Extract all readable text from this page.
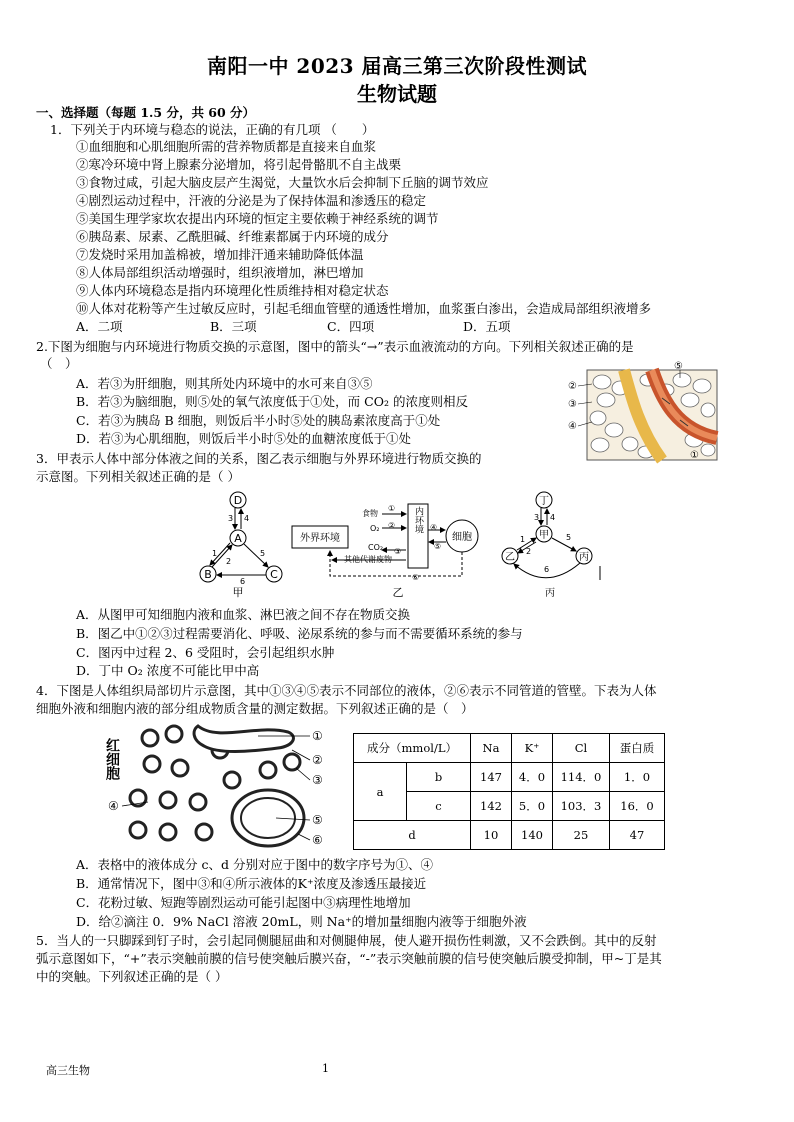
南阳一中 2023 届高三第三次阶段性测试
生物试题
一、选择题（每题 1.5 分，共 60 分）
1．下列关于内环境与稳态的说法，正确的有几项 （　　）
①血细胞和心肌细胞所需的营养物质都是直接来自血浆
②寒冷环境中肾上腺素分泌增加，将引起骨骼肌不自主战栗
③食物过咸，引起大脑皮层产生渴觉，大量饮水后会抑制下丘脑的调节效应
④剧烈运动过程中，汗液的分泌是为了保持体温和渗透压的稳定
⑤美国生理学家坎农提出内环境的恒定主要依赖于神经系统的调节
⑥胰岛素、尿素、乙酰胆碱、纤维素都属于内环境的成分
⑦发烧时采用加盖棉被，增加排汗通来辅助降低体温
⑧人体局部组织活动增强时，组织液增加，淋巴增加
⑨人体内环境稳态是指内环境理化性质维持相对稳定状态
⑩人体对花粉等产生过敏反应时，引起毛细血管壁的通透性增加，血浆蛋白渗出，会造成局部组织液增多
A．二项	B．三项	C．四项	D．五项
2.下图为细胞与内环境进行物质交换的示意图，图中的箭头“→”表示血液流动的方向。下列相关叙述正确的是
（　）
A．若③为肝细胞，则其所处内环境中的水可来自③⑤
B．若③为脑细胞，则⑤处的氧气浓度低于①处，而 CO₂ 的浓度则相反
C．若③为胰岛 B 细胞，则饭后半小时⑤处的胰岛素浓度高于①处
D．若③为心肌细胞，则饭后半小时⑤处的血糖浓度低于①处
②
③
④
⑤
①
3．甲表示人体中部分体液之间的关系，图乙表示细胞与外界环境进行物质交换的
示意图。下列相关叙述正确的是（ ）
D
A
B	C
3 4
1
2
5
6
甲
外界环境
内环境
细胞
食物
O₂
CO₂
其他代谢废物
①
②
③
④
⑤
⑥
乙
丁
甲
乙	丙
3 4
1
2
5
6
丙
A．从图甲可知细胞内液和血浆、淋巴液之间不存在物质交换
B．图乙中①②③过程需要消化、呼吸、泌尿系统的参与而不需要循环系统的参与
C．图丙中过程 2、6 受阻时，会引起组织水肿
D．丁中 O₂ 浓度不可能比甲中高
4．下图是人体组织局部切片示意图，其中①③④⑤表示不同部位的液体，②⑥表示不同管道的管壁。下表为人体
细胞外液和细胞内液的部分组成物质含量的测定数据。下列叙述正确的是（　）
红细胞
①
②
③
④
⑤
⑥
成分（mmol/L）		Na	K⁺	Cl	蛋白质
a	b	147	4．0	114．0	1．0
	c	142	5．0	103．3	16．0
d		10	140	25	47
A．表格中的液体成分 c、d 分别对应于图中的数字序号为①、④
B．通常情况下，图中③和④所示液体的K⁺浓度及渗透压最接近
C．花粉过敏、短跑等剧烈运动可能引起图中③病理性地增加
D．给②滴注 0．9% NaCl 溶液 20mL，则 Na⁺的增加量细胞内液等于细胞外液
5．当人的一只脚踩到钉子时，会引起同侧腿屈曲和对侧腿伸展，使人避开损伤性刺激，又不会跌倒。其中的反射
弧示意图如下，“+”表示突触前膜的信号使突触后膜兴奋，“-”表示突触前膜的信号使突触后膜受抑制，甲~丁是其
中的突触。下列叙述正确的是（ ）
高三生物	1
